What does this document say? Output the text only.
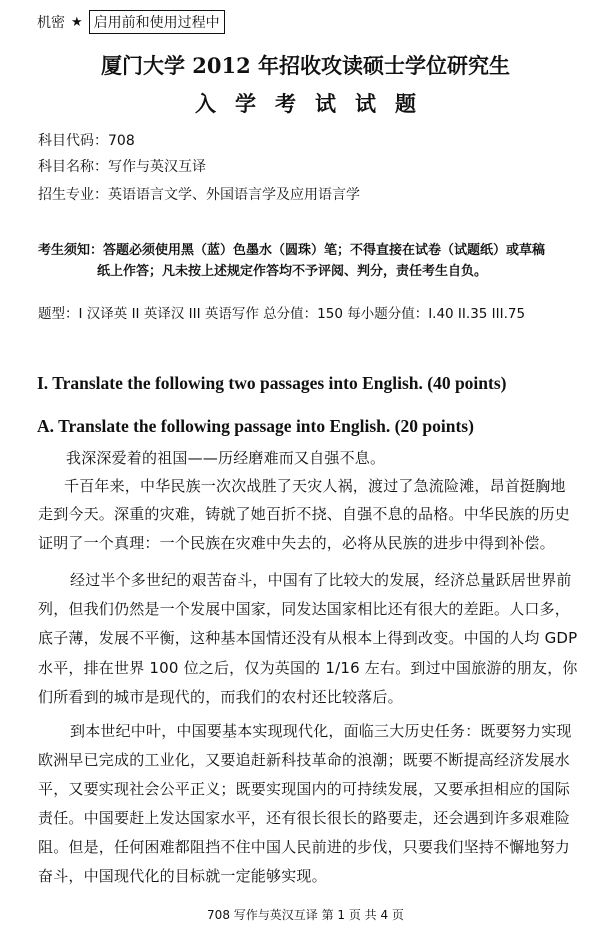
机密 ★ 启用前和使用过程中
厦门大学 2012 年招收攻读硕士学位研究生
入学考试试题
科目代码：708
科目名称：写作与英汉互译
招生专业：英语语言文学、外国语言学及应用语言学
考生须知：答题必须使用黑（蓝）色墨水（圆珠）笔；不得直接在试卷（试题纸）或草稿
纸上作答；凡未按上述规定作答均不予评阅、判分，责任考生自负。
题型：I 汉译英 II 英译汉 III 英语写作 总分值：150 每小题分值：I.40 II.35 III.75
I. Translate the following two passages into English. (40 points)
A. Translate the following passage into English. (20 points)
我深深爱着的祖国——历经磨难而又自强不息。
千百年来，中华民族一次次战胜了天灾人祸，渡过了急流险滩，昂首挺胸地
走到今天。深重的灾难，铸就了她百折不挠、自强不息的品格。中华民族的历史
证明了一个真理：一个民族在灾难中失去的，必将从民族的进步中得到补偿。
经过半个多世纪的艰苦奋斗，中国有了比较大的发展，经济总量跃居世界前
列，但我们仍然是一个发展中国家，同发达国家相比还有很大的差距。人口多，
底子薄，发展不平衡，这种基本国情还没有从根本上得到改变。中国的人均 GDP
水平，排在世界 100 位之后，仅为英国的 1/16 左右。到过中国旅游的朋友，你
们所看到的城市是现代的，而我们的农村还比较落后。
到本世纪中叶，中国要基本实现现代化，面临三大历史任务：既要努力实现
欧洲早已完成的工业化，又要追赶新科技革命的浪潮；既要不断提高经济发展水
平，又要实现社会公平正义；既要实现国内的可持续发展，又要承担相应的国际
责任。中国要赶上发达国家水平，还有很长很长的路要走，还会遇到许多艰难险
阻。但是，任何困难都阻挡不住中国人民前进的步伐，只要我们坚持不懈地努力
奋斗，中国现代化的目标就一定能够实现。
708 写作与英汉互译 第 1 页 共 4 页
